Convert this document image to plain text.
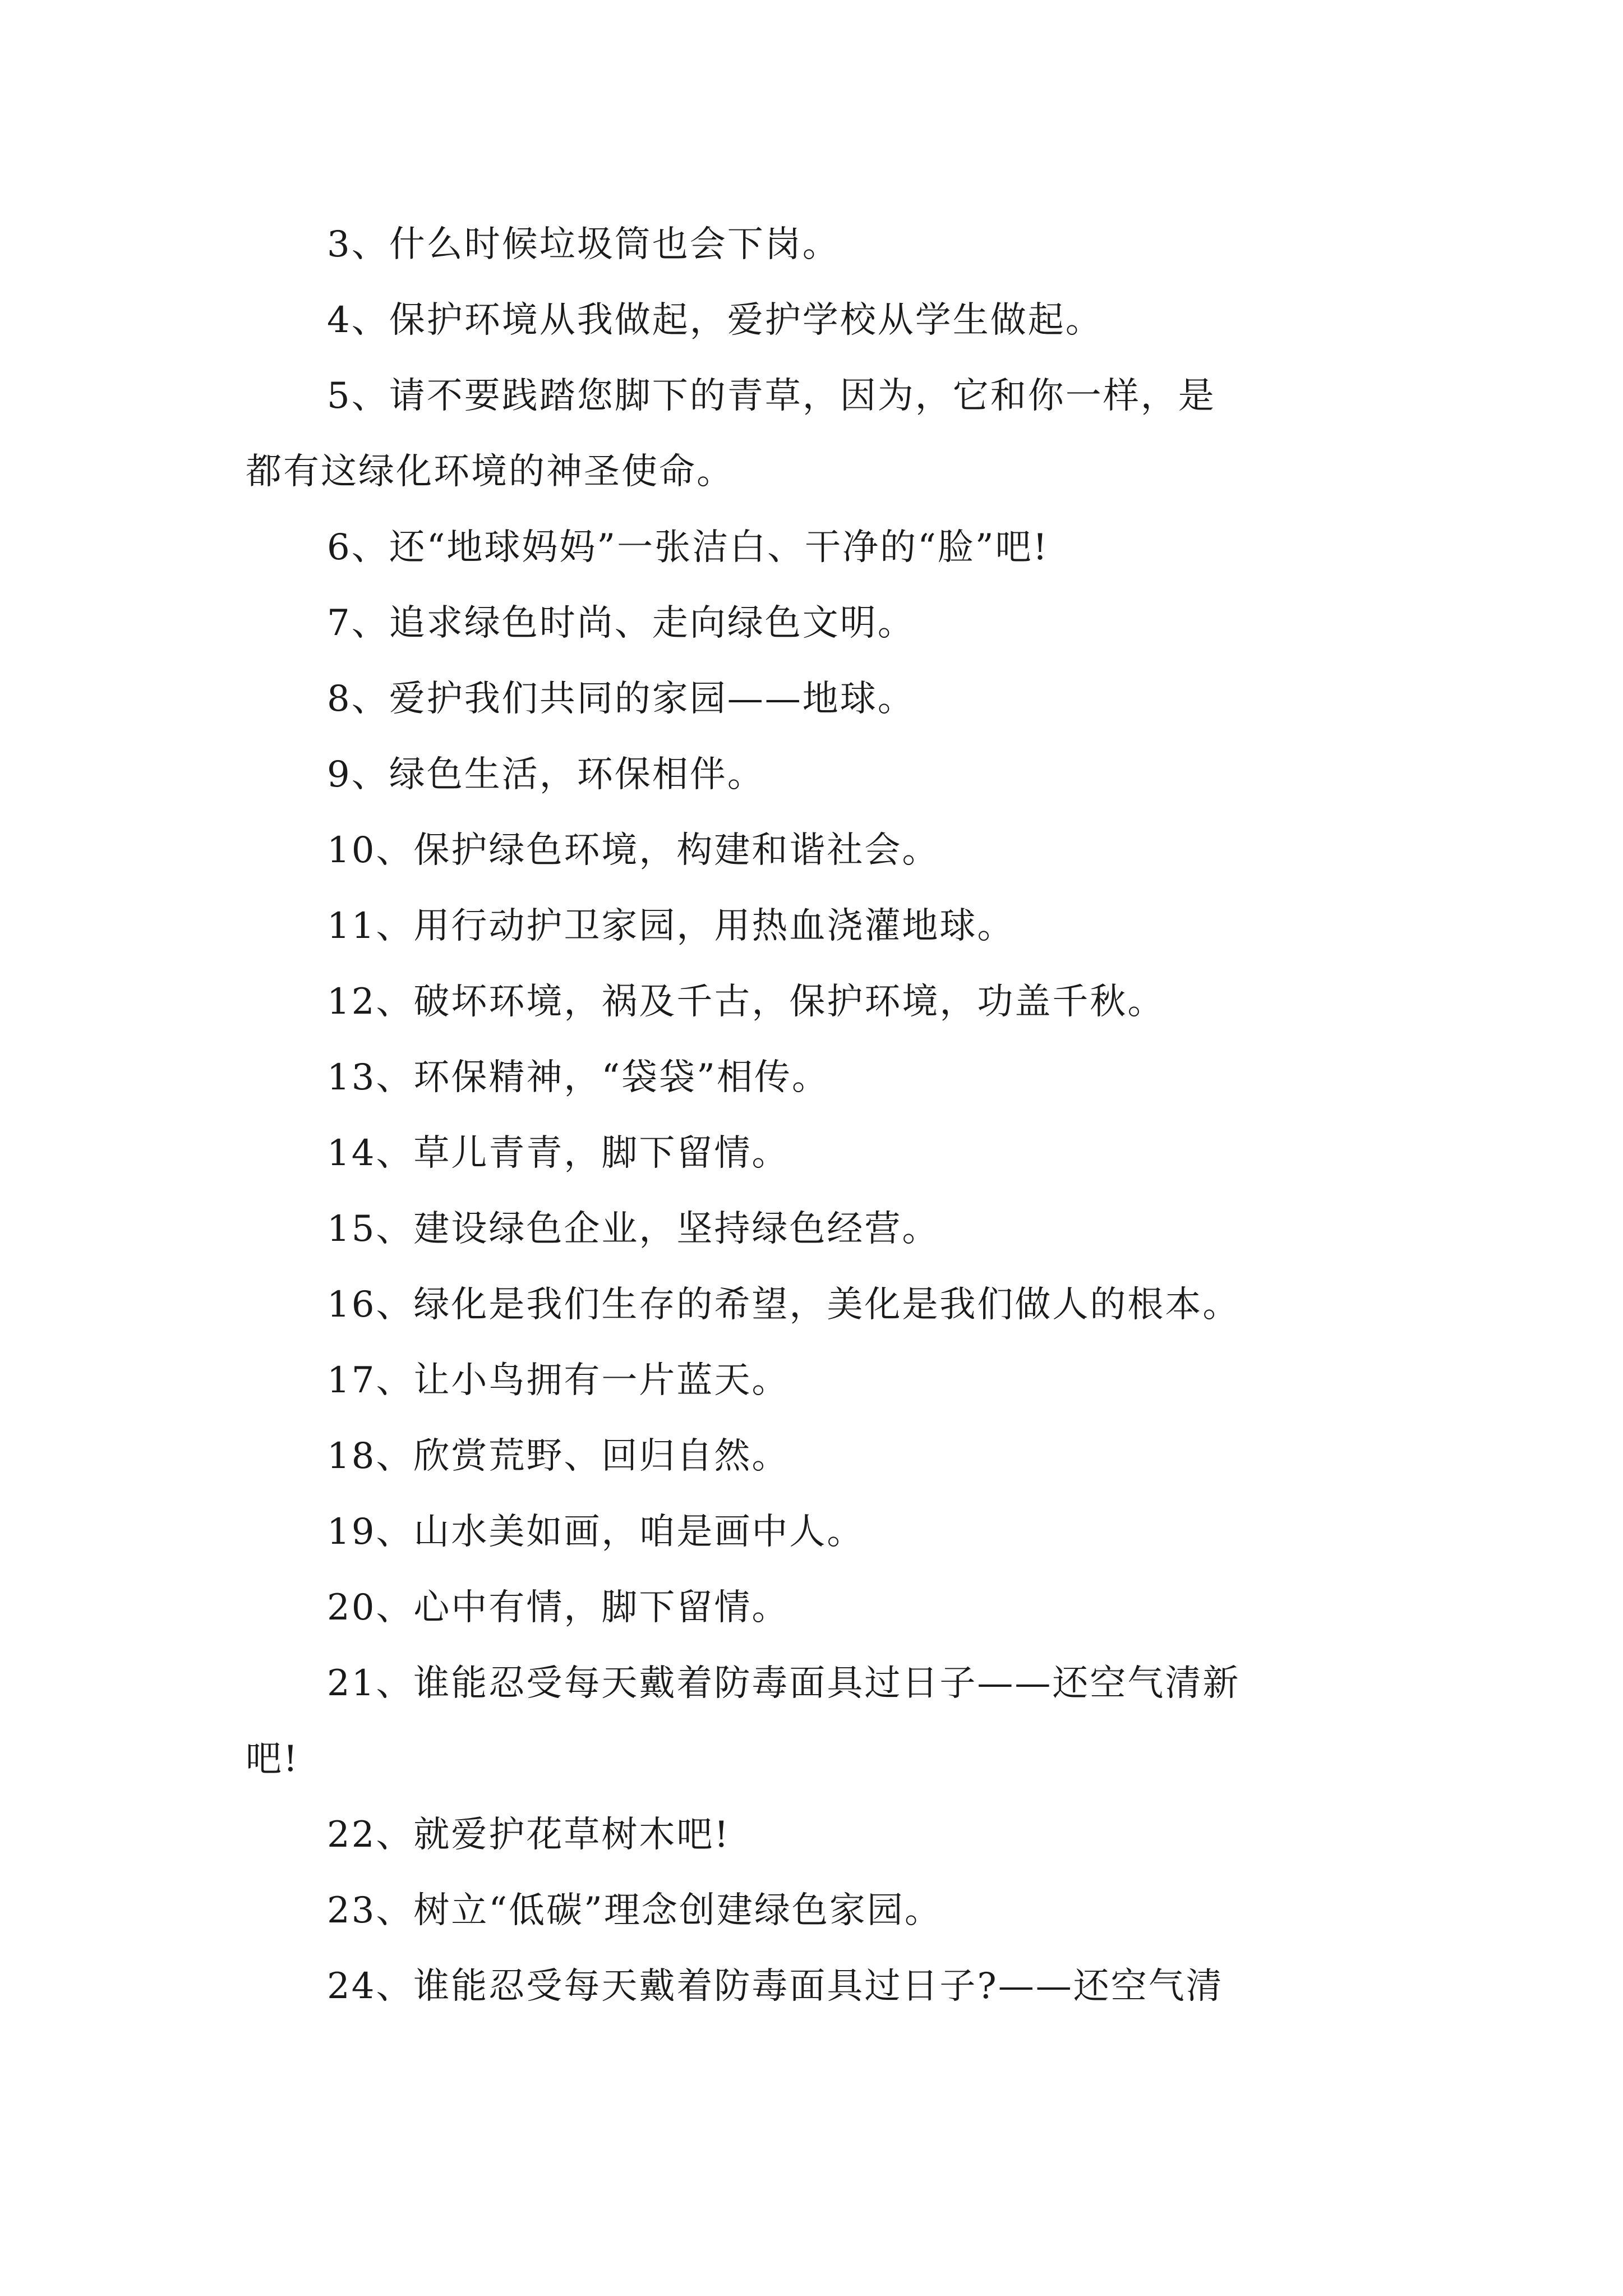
3、什么时候垃圾筒也会下岗。
4、保护环境从我做起，爱护学校从学生做起。
5、请不要践踏您脚下的青草，因为，它和你一样，是
都有这绿化环境的神圣使命。
6、还“地球妈妈”一张洁白、干净的“脸”吧!
7、追求绿色时尚、走向绿色文明。
8、爱护我们共同的家园——地球。
9、绿色生活，环保相伴。
10、保护绿色环境，构建和谐社会。
11、用行动护卫家园，用热血浇灌地球。
12、破坏环境，祸及千古，保护环境，功盖千秋。
13、环保精神，“袋袋”相传。
14、草儿青青，脚下留情。
15、建设绿色企业，坚持绿色经营。
16、绿化是我们生存的希望，美化是我们做人的根本。
17、让小鸟拥有一片蓝天。
18、欣赏荒野、回归自然。
19、山水美如画，咱是画中人。
20、心中有情，脚下留情。
21、谁能忍受每天戴着防毒面具过日子——还空气清新
吧!
22、就爱护花草树木吧!
23、树立“低碳”理念创建绿色家园。
24、谁能忍受每天戴着防毒面具过日子?——还空气清
